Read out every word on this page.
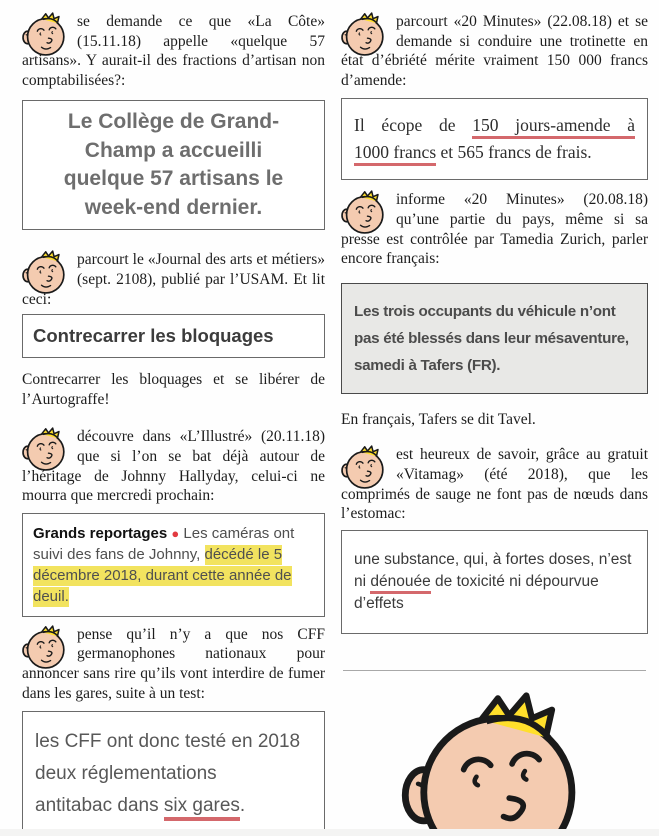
se demande ce que «La Côte» (15.11.18) appelle «quelque 57 artisans». Y aurait-il des fractions d’artisan non comptabilisées?:
Le Collège de Grand-
Champ a accueilli
quelque 57 artisans le
week-end dernier.
parcourt le «Journal des arts et métiers» (sept. 2108), publié par l’USAM. Et lit ceci:
Contrecarrer les bloquages
Contrecarrer les bloquages et se libérer de l’Aurtograffe!
découvre dans «L’Illustré» (20.11.18) que si l’on se bat déjà autour de l’héritage de Johnny Hallyday, celui-ci ne mourra que mercredi prochain:
Grands reportages ● Les caméras ont suivi des fans de Johnny, décédé le 5 décembre 2018, durant cette année de deuil.
pense qu’il n’y a que nos CFF germanophones nationaux pour annoncer sans rire qu’ils vont interdire de fumer dans les gares, suite à un test:
les CFF ont donc testé en 2018
deux réglementations
antitabac dans six gares.
parcourt «20 Minutes» (22.08.18) et se demande si conduire une trotinette en état d’ébriété mérite vraiment 150 000 francs d’amende:
Il écope de 150 jours-amende à
1000 francs et 565 francs de frais.
informe «20 Minutes» (20.08.18) qu’une partie du pays, même si sa presse est contrôlée par Tamedia Zurich, parler encore français:
Les trois occupants du véhicule n’ont
pas été blessés dans leur mésaventure,
samedi à Tafers (FR).
En français, Tafers se dit Tavel.
est heureux de savoir, grâce au gratuit «Vitamag» (été 2018), que les comprimés de sauge ne font pas de nœuds dans l’estomac:
une substance, qui, à fortes doses, n’est ni dénouée de toxicité ni dépourvue d’effets
